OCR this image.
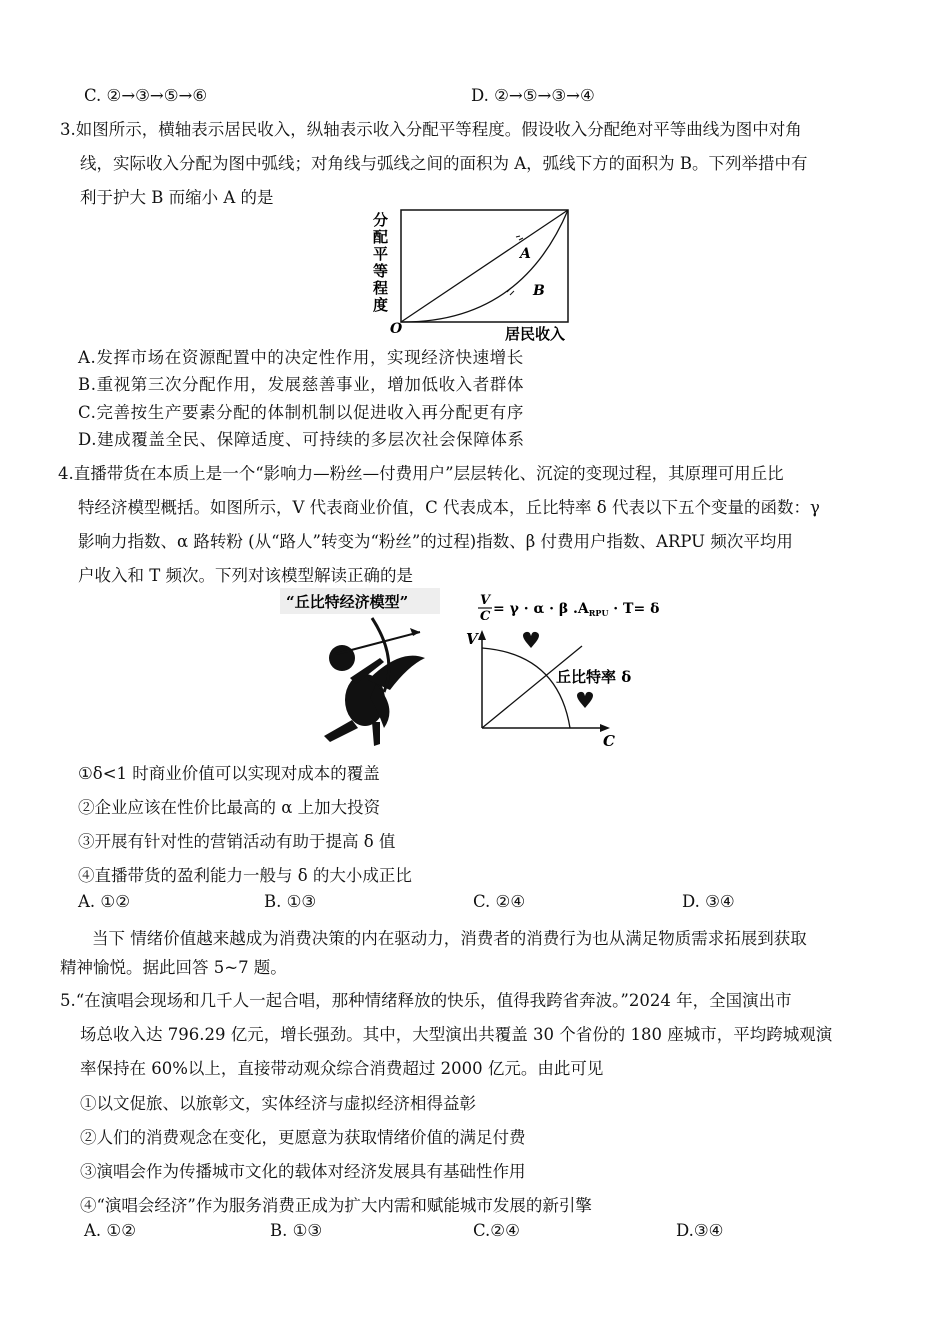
C. ②→③→⑤→⑥	D. ②→⑤→③→④
3.如图所示，横轴表示居民收入，纵轴表示收入分配平等程度。假设收入分配绝对平等曲线为图中对角
线，实际收入分配为图中弧线；对角线与弧线之间的面积为 A，弧线下方的面积为 B。下列举措中有
利于护大 B 而缩小 A 的是
分
配
平
等
程
度
A
B
O	居民收入
A.发挥市场在资源配置中的决定性作用，实现经济快速增长
B.重视第三次分配作用，发展慈善事业，增加低收入者群体
C.完善按生产要素分配的体制机制以促进收入再分配更有序
D.建成覆盖全民、保障适度、可持续的多层次社会保障体系
4.直播带货在本质上是一个“影响力—粉丝—付费用户”层层转化、沉淀的变现过程，其原理可用丘比
特经济模型概括。如图所示，V 代表商业价值，C 代表成本，丘比特率 δ 代表以下五个变量的函数：γ
影响力指数、α 路转粉 (从“路人”转变为“粉丝”的过程)指数、β 付费用户指数、ARPU 频次平均用
户收入和 T 频次。下列对该模型解读正确的是
“丘比特经济模型”	V
C = γ · α · β $.A_{RPU} \cdot T= \delta$
V
C
丘比特率 δ
①δ<1 时商业价值可以实现对成本的覆盖
②企业应该在性价比最高的 α 上加大投资
③开展有针对性的营销活动有助于提高 δ 值
④直播带货的盈利能力一般与 δ 的大小成正比
A. ①②	B. ①③	C. ②④	D. ③④
当下 情绪价值越来越成为消费决策的内在驱动力，消费者的消费行为也从满足物质需求拓展到获取
精神愉悦。据此回答 5~7 题。
5.“在演唱会现场和几千人一起合唱，那种情绪释放的快乐，值得我跨省奔波。”2024 年，全国演出市
场总收入达 796.29 亿元，增长强劲。其中，大型演出共覆盖 30 个省份的 180 座城市，平均跨城观演
率保持在 60%以上，直接带动观众综合消费超过 2000 亿元。由此可见
①以文促旅、以旅彰文，实体经济与虚拟经济相得益彰
②人们的消费观念在变化，更愿意为获取情绪价值的满足付费
③演唱会作为传播城市文化的载体对经济发展具有基础性作用
④“演唱会经济”作为服务消费正成为扩大内需和赋能城市发展的新引擎
A. ①②	B. ①③	C.②④	D.③④
